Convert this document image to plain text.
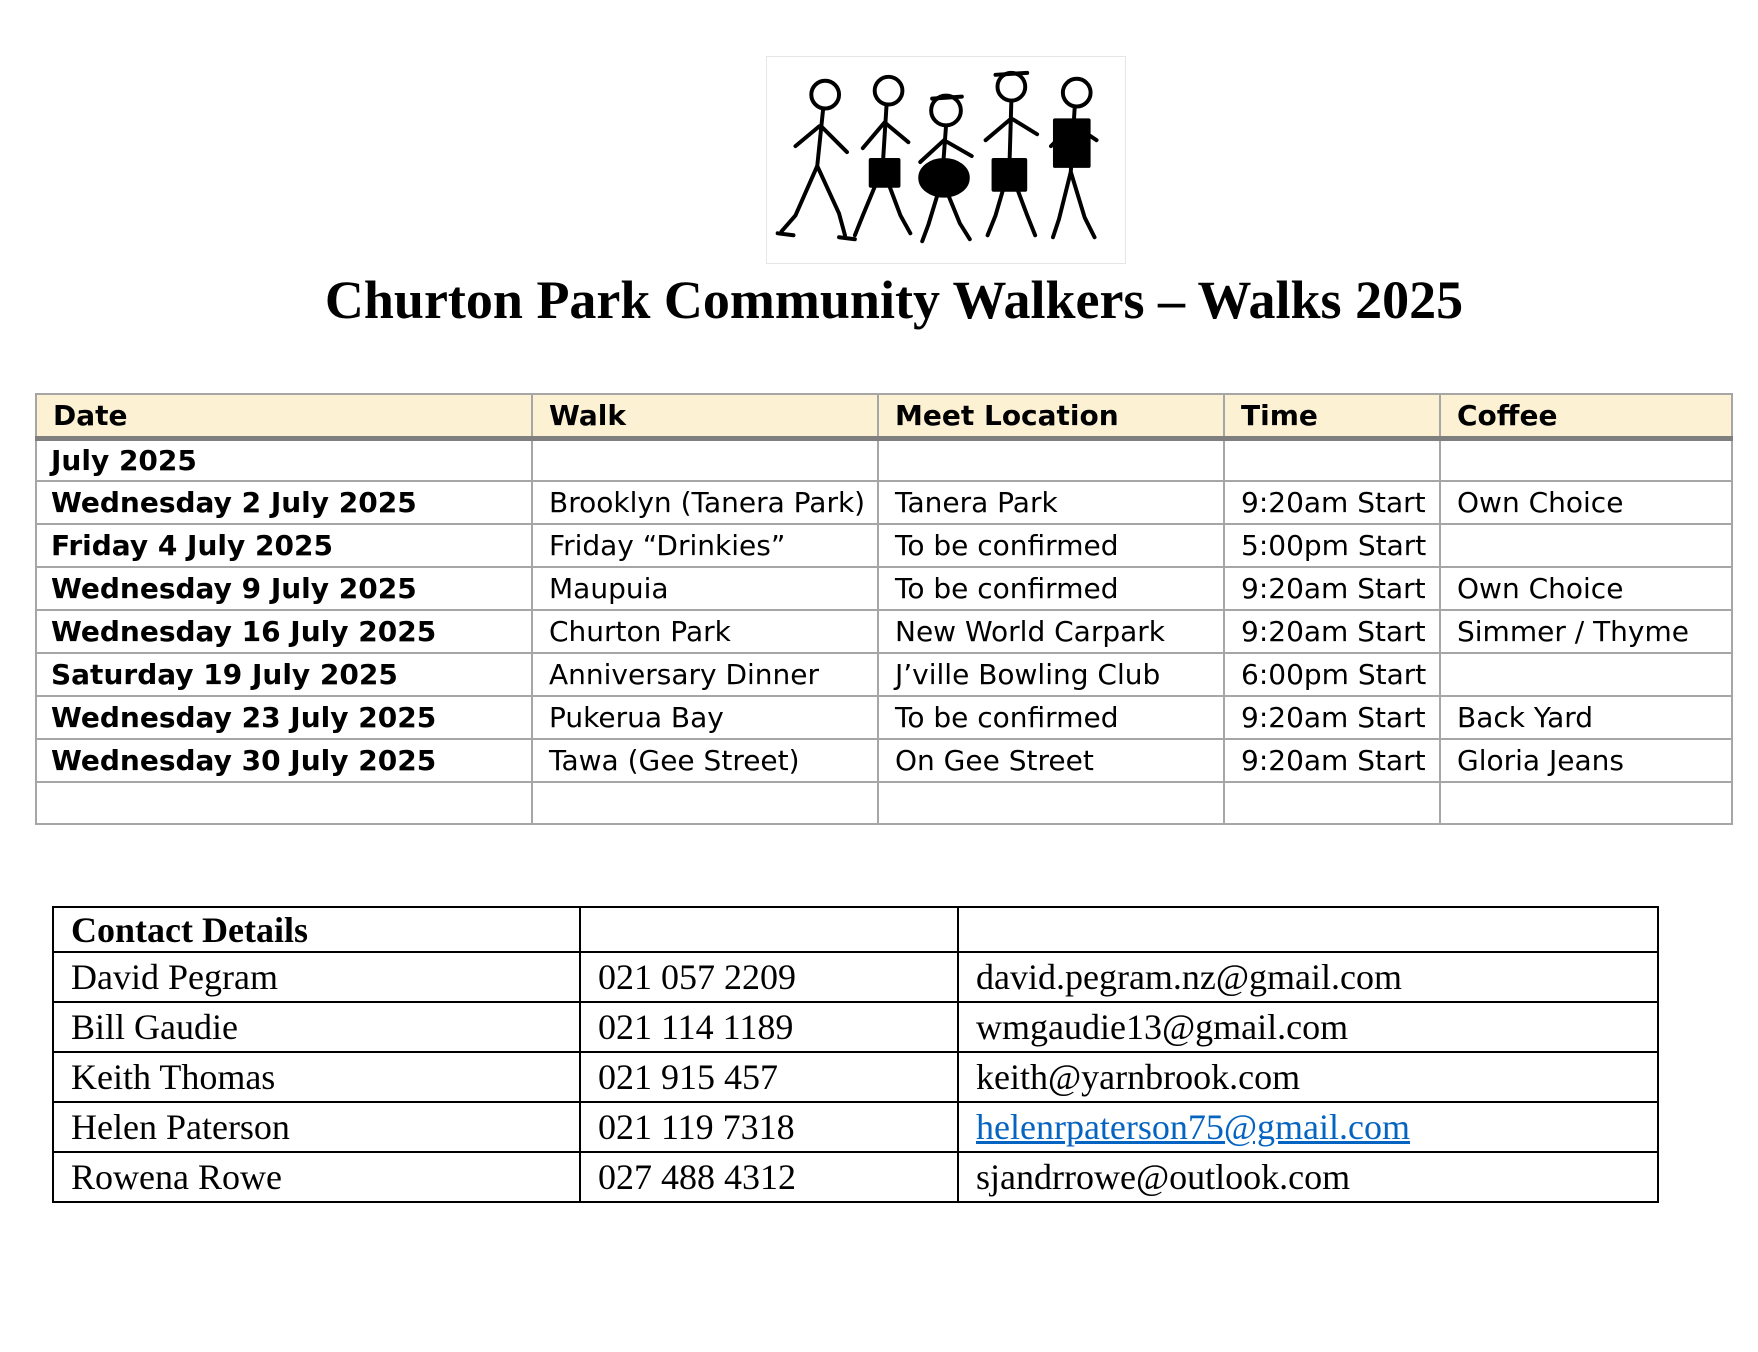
Churton Park Community Walkers – Walks 2025
Date	Walk	Meet Location	Time	Coffee
July 2025				
Wednesday 2 July 2025	Brooklyn (Tanera Park)	Tanera Park	9:20am Start	Own Choice
Friday 4 July 2025	Friday “Drinkies”	To be confirmed	5:00pm Start	
Wednesday 9 July 2025	Maupuia	To be confirmed	9:20am Start	Own Choice
Wednesday 16 July 2025	Churton Park	New World Carpark	9:20am Start	Simmer / Thyme
Saturday 19 July 2025	Anniversary Dinner	J’ville Bowling Club	6:00pm Start	
Wednesday 23 July 2025	Pukerua Bay	To be confirmed	9:20am Start	Back Yard
Wednesday 30 July 2025	Tawa (Gee Street)	On Gee Street	9:20am Start	Gloria Jeans

Contact Details		
David Pegram	021 057 2209	david.pegram.nz@gmail.com
Bill Gaudie	021 114 1189	wmgaudie13@gmail.com
Keith Thomas	021 915 457	keith@yarnbrook.com
Helen Paterson	021 119 7318	helenrpaterson75@gmail.com
Rowena Rowe	027 488 4312	sjandrrowe@outlook.com
